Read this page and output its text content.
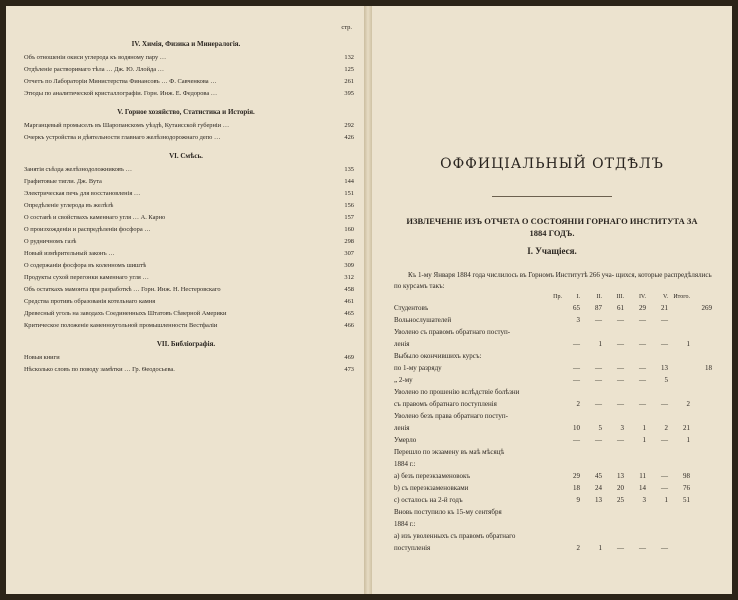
стр.
IV. Химія, Физика и Минералогія.
Объ отношеніи окиси углерода къ водяному пару …	132
Отдѣленіе растворимаго тѣла … Дж. Ю. Ллойда …	125
Отчетъ по Лабораторіи Министерства Финансовъ … Ф. Савченкова …	261
Этюды по аналитической кристаллографіи. Горн. Инж. Е. Федорова …	395
V. Горное хозяйство, Статистика и Исторія.
Марганцевый промыселъ въ Шаропанскомъ уѣздѣ, Кутаисской губерніи …	292
Очеркъ устройства и дѣятельности главнаго желѣзнодорожнаго депо …	426
VI. Смѣсь.
Занятія съѣзда желѣзнодоложниковъ …	135
Графитовые тигли. Дж. Вута	144
Электрическая печь для восстановленія …	151
Опредѣленіе углерода въ желѣзѣ	156
О составѣ и свойствахъ каменнаго угля … А. Карно	157
О произхожденіи и распредѣленіи фосфора …	160
О рудничномъ газѣ	298
Новый измѣрительный законъ …	307
О содержаніи фосфора въ коленномъ шиштѣ	309
Продукты сухой перегонки каменнаго угля …	312
Объ остаткахъ мамонта при разработкѣ … Горн. Инж. Н. Нестеровскаго	458
Средства противъ образованія котельнаго камня	461
Древесный уголь на заводахъ Соединенныхъ Штатовъ Сѣверной Америки	465
Критическое положеніе каменноугольной промышленности Вестфаліи	466
VII. Библіографія.
Новыя книги	469
Нѣсколько словъ по поводу замѣтки … Гр. Ѳеодосьева.	473
ОФФИЦІАЛЬНЫЙ ОТДѢЛЪ
ИЗВЛЕЧЕНІЕ ИЗЪ ОТЧЕТА О СОСТОЯНІИ ГОРНАГО ИНСТИТУТА ЗА
1884 ГОДЪ.
I. Учащіеся.
Къ 1-му Января 1884 года числилось въ Горномъ Институтѣ 266 уча- щихся, которые распредѣлялись по курсамъ такъ:
Пр.	I.	II.	III.	IV.	V. Итого.
Студентовъ	65	87	61	29	21	269
Вольнослушателей	3	—	—	—	—
Уволено съ правомъ обратнаго поступ-
ленія	—	1	—	—	—	1
Выбыло окончившихъ курсъ:
по 1-му разряду	—	—	—	—	13	18
„ 2-му	—	—	—	—	5
Уволено по прошенію вслѣдствіе болѣзни
съ правомъ обратнаго поступленія	2	—	—	—	—	2
Уволено безъ права обратнаго поступ-
ленія	10	5	3	1	2	21
Умерло	—	—	—	1	—	1
Перешло по экзамену въ маѣ мѣсяцѣ
1884 г.:
а) безъ переэкзаменовокъ	29	45	13	11	—	98
b) съ переэкзаменовками	18	24	20	14	—	76
c) осталось на 2-й годъ	9	13	25	3	1	51
Вновь поступило къ 15-му сентября
1884 г.:
а) изъ уволенныхъ съ правомъ обратнаго
поступленія	2	1	—	—	—
